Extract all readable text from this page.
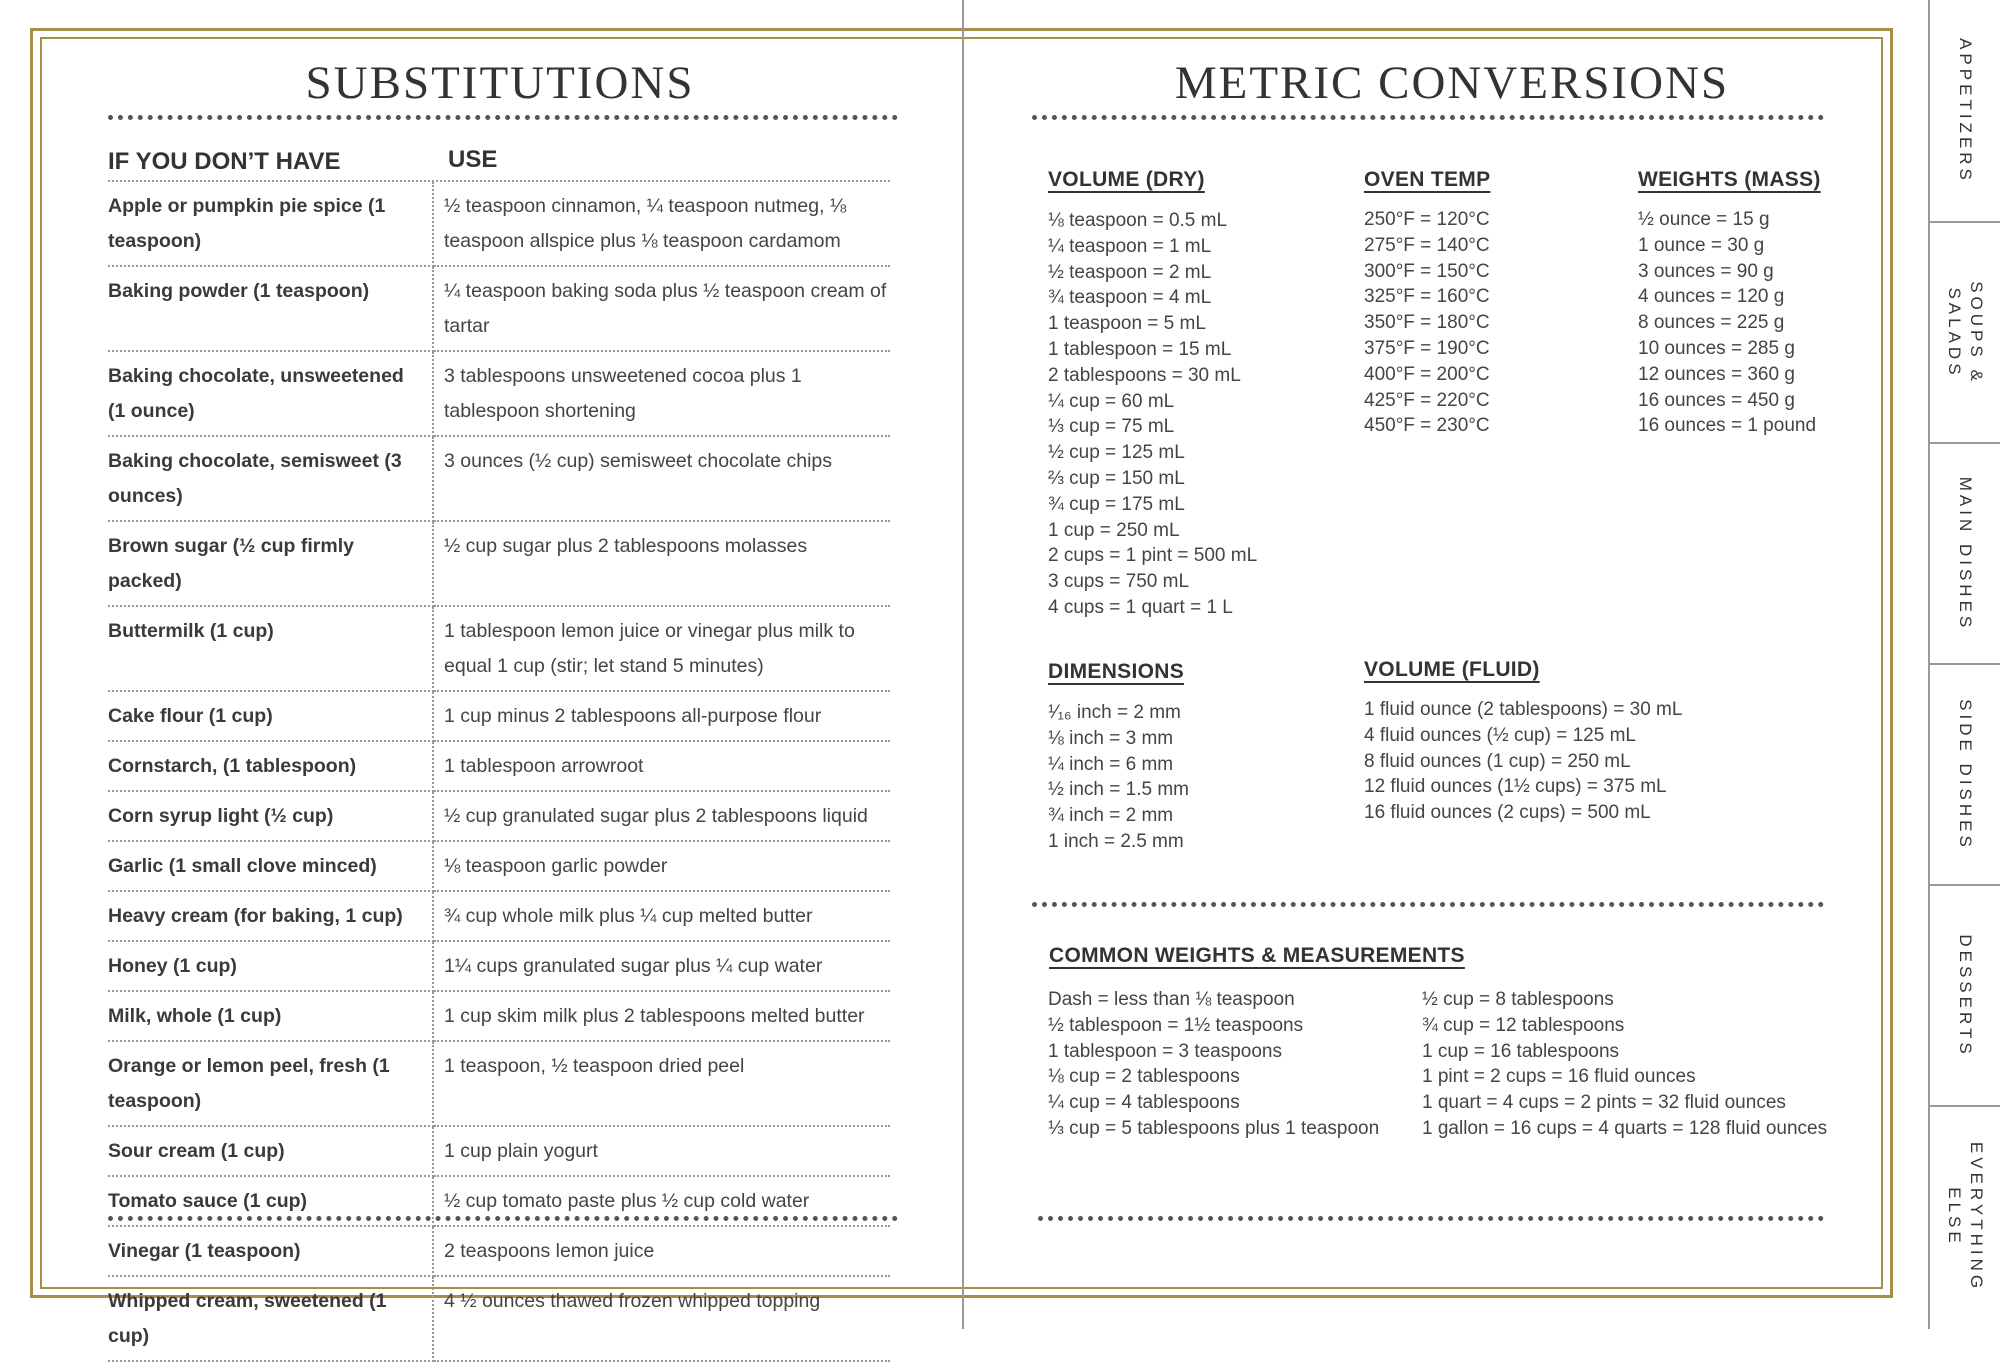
SUBSTITUTIONS
IF YOU DON’T HAVE	USE
Apple or pumpkin pie spice (1 teaspoon)	½ teaspoon cinnamon, ¼ teaspoon nutmeg, ⅛ teaspoon allspice plus ⅛ teaspoon cardamom
Baking powder (1 teaspoon)	¼ teaspoon baking soda plus ½ teaspoon cream of tartar
Baking chocolate, unsweetened (1 ounce)	3 tablespoons unsweetened cocoa plus 1 tablespoon shortening
Baking chocolate, semisweet (3 ounces)	3 ounces (½ cup) semisweet chocolate chips
Brown sugar (½ cup firmly packed)	½ cup sugar plus 2 tablespoons molasses
Buttermilk (1 cup)	1 tablespoon lemon juice or vinegar plus milk to equal 1 cup (stir; let stand 5 minutes)
Cake flour (1 cup)	1 cup minus 2 tablespoons all-purpose flour
Cornstarch, (1 tablespoon)	1 tablespoon arrowroot
Corn syrup light (½ cup)	½ cup granulated sugar plus 2 tablespoons liquid
Garlic (1 small clove minced)	⅛ teaspoon garlic powder
Heavy cream (for baking, 1 cup)	¾ cup whole milk plus ¼ cup melted butter
Honey (1 cup)	1¼ cups granulated sugar plus ¼ cup water
Milk, whole (1 cup)	1 cup skim milk plus 2 tablespoons melted butter
Orange or lemon peel, fresh (1 teaspoon)	1 teaspoon, ½ teaspoon dried peel
Sour cream (1 cup)	1 cup plain yogurt
Tomato sauce (1 cup)	½ cup tomato paste plus ½ cup cold water
Vinegar (1 teaspoon)	2 teaspoons lemon juice
Whipped cream, sweetened (1 cup)	4 ½ ounces thawed frozen whipped topping
METRIC CONVERSIONS
VOLUME (DRY)
⅛ teaspoon = 0.5 mL
¼ teaspoon = 1 mL
½ teaspoon = 2 mL
¾ teaspoon = 4 mL
1 teaspoon = 5 mL
1 tablespoon = 15 mL
2 tablespoons = 30 mL
¼ cup = 60 mL
⅓ cup = 75 mL
½ cup = 125 mL
⅔ cup = 150 mL
¾ cup = 175 mL
1 cup = 250 mL
2 cups = 1 pint = 500 mL
3 cups = 750 mL
4 cups = 1 quart = 1 L
OVEN TEMP
250°F = 120°C
275°F = 140°C
300°F = 150°C
325°F = 160°C
350°F = 180°C
375°F = 190°C
400°F = 200°C
425°F = 220°C
450°F = 230°C
WEIGHTS (MASS)
½ ounce = 15 g
1 ounce = 30 g
3 ounces = 90 g
4 ounces = 120 g
8 ounces = 225 g
10 ounces = 285 g
12 ounces = 360 g
16 ounces = 450 g
16 ounces = 1 pound
DIMENSIONS
¹⁄₁₆ inch = 2 mm
⅛ inch = 3 mm
¼ inch = 6 mm
½ inch = 1.5 mm
¾ inch = 2 mm
1 inch = 2.5 mm
VOLUME (FLUID)
1 fluid ounce (2 tablespoons) = 30 mL
4 fluid ounces (½ cup) = 125 mL
8 fluid ounces (1 cup) = 250 mL
12 fluid ounces (1½ cups) = 375 mL
16 fluid ounces (2 cups) = 500 mL
COMMON WEIGHTS & MEASUREMENTS
Dash = less than ⅛ teaspoon
½ tablespoon = 1½ teaspoons
1 tablespoon = 3 teaspoons
⅛ cup = 2 tablespoons
¼ cup = 4 tablespoons
⅓ cup = 5 tablespoons plus 1 teaspoon
½ cup = 8 tablespoons
¾ cup = 12 tablespoons
1 cup = 16 tablespoons
1 pint = 2 cups = 16 fluid ounces
1 quart = 4 cups = 2 pints = 32 fluid ounces
1 gallon = 16 cups = 4 quarts = 128 fluid ounces
APPETIZERS
SOUPS &
SALADS
MAIN DISHES
SIDE DISHES
DESSERTS
EVERYTHING
ELSE
